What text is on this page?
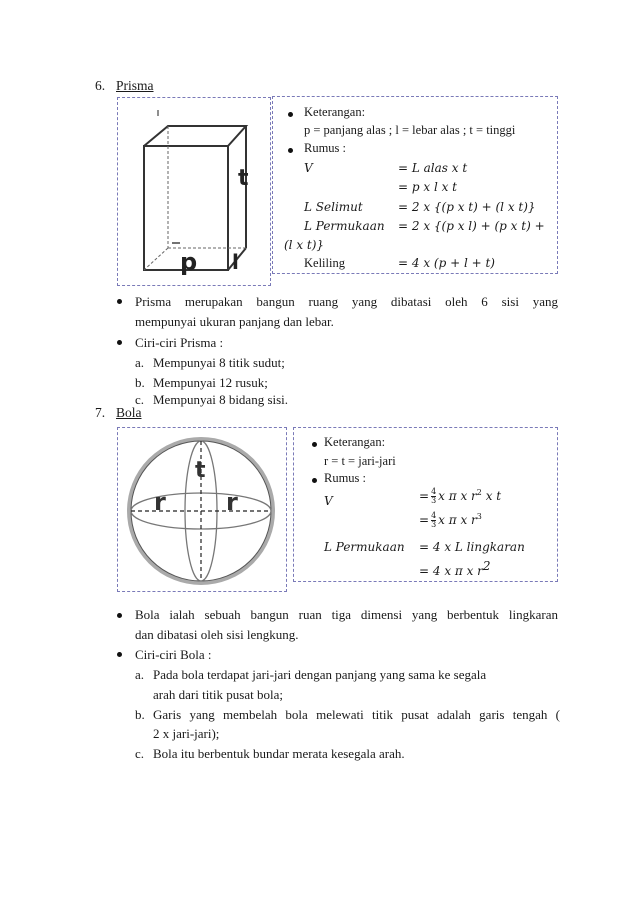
6. Prisma
t
p l
Keterangan:
p = panjang alas ; l = lebar alas ; t = tinggi
Rumus :
V	= L alas x t
= p x l x t
L Selimut	= 2 x {(p x t) + (l x t)}
L Permukaan = 2 x {(p x l) + (p x t) +
(l x t)}
Keliling	= 4 x (p + l + t)
Prisma merupakan bangun ruang yang dibatasi oleh 6 sisi yang
mempunyai ukuran panjang dan lebar.
Ciri-ciri Prisma :
a. Mempunyai 8 titik sudut;
b. Mempunyai 12 rusuk;
c. Mempunyai 8 bidang sisi.
7. Bola
t
r	r
Keterangan:
r = t = jari-jari
Rumus :
V	= $\frac{4}{3}$ x π x $r^2$ x t
= $\frac{4}{3}$ x π x $r^3$
L Permukaan = 4 x L lingkaran
= 4 x π x $r^2$
Bola ialah sebuah bangun ruan tiga dimensi yang berbentuk lingkaran
dan dibatasi oleh sisi lengkung.
Ciri-ciri Bola :
a. Pada bola terdapat jari-jari dengan panjang yang sama ke segala
arah dari titik pusat bola;
b. Garis yang membelah bola melewati titik pusat adalah garis tengah (
2 x jari-jari);
c. Bola itu berbentuk bundar merata kesegala arah.
